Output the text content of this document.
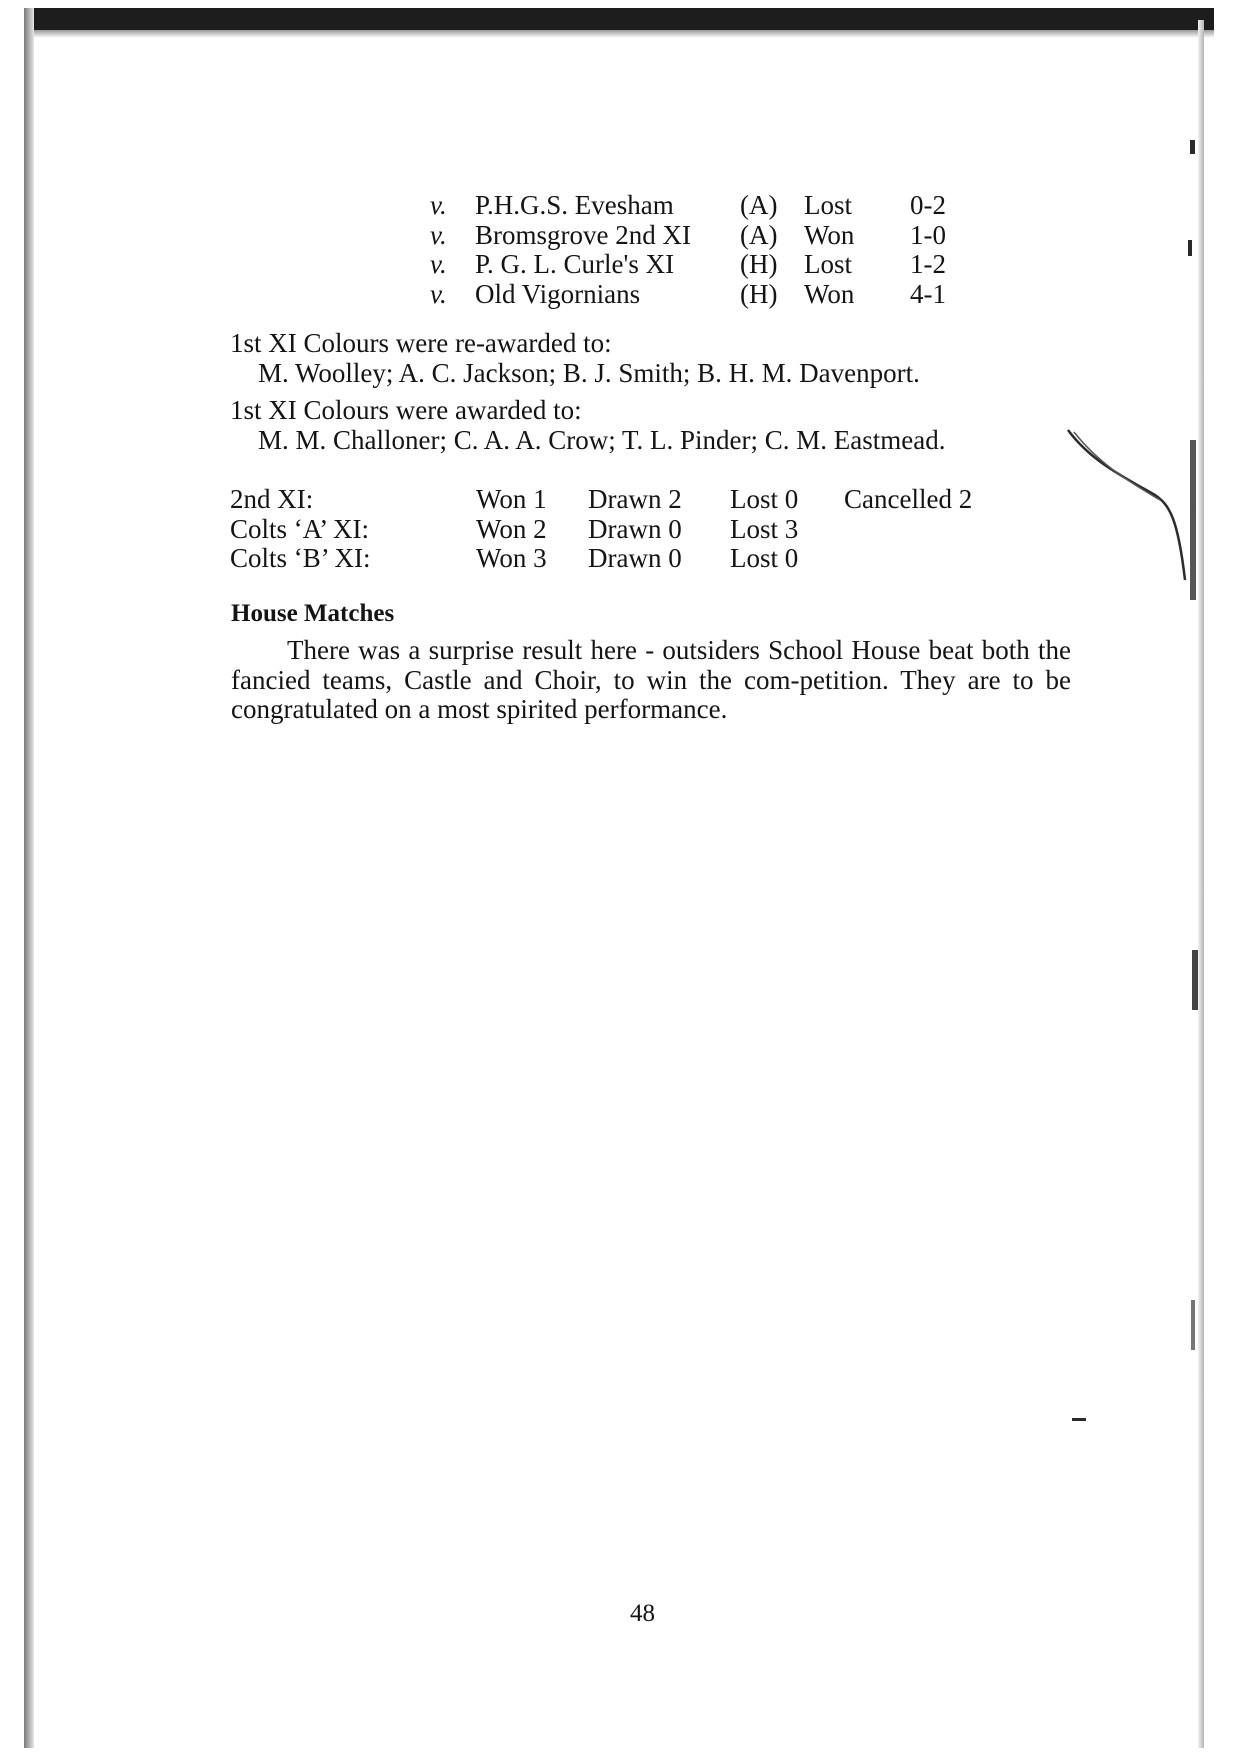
v. P.H.G.S. Evesham (A) Lost 0-2
v. Bromsgrove 2nd XI (A) Won 1-0
v. P. G. L. Curle's XI (H) Lost 1-2
v. Old Vigornians	(H) Won 4-1
1st XI Colours were re-awarded to:
M. Woolley; A. C. Jackson; B. J. Smith; B. H. M. Davenport.
1st XI Colours were awarded to:
M. M. Challoner; C. A. A. Crow; T. L. Pinder; C. M. Eastmead.
2nd XI:	Won 1 Drawn 2 Lost 0 Cancelled 2
Colts ‘A’ XI:	Won 2 Drawn 0 Lost 3
Colts ‘B’ XI:	Won 3 Drawn 0 Lost 0
House Matches

There was a surprise result here - outsiders School House beat both the fancied teams, Castle and Choir, to win the com-petition. They are to be congratulated on a most spirited performance.

48
